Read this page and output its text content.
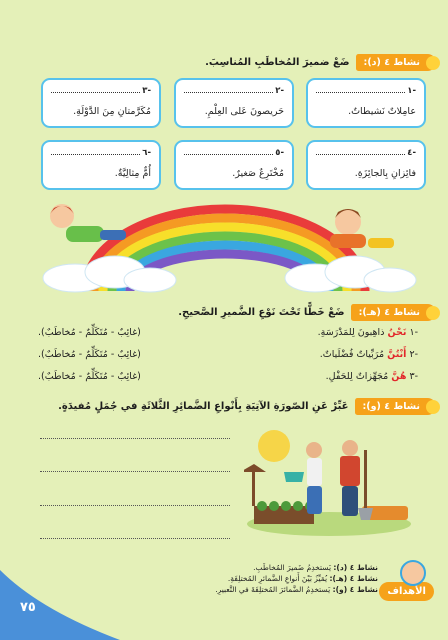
نشاط ٤ (د):
ضَعْ ضميرَ المُخاطَبِ المُناسِبَ.
-١
عامِلاتٌ نَشيطاتٌ.
-٢
حَريصونَ عَلى العِلْمِ.
-٣
مُكَرَّمتانِ مِنَ الدَّوْلَةِ.
-٤
فائِزانِ بِالجائِزَةِ.
-٥
مُخْتَرِعٌ صَغيرٌ.
-٦
أُمٌّ مِثالِيَّةٌ.
نشاط ٤ (هـ):
ضَعْ خَطًّا تَحْتَ نَوْعِ الضَّميرِ الصَّحيحِ.
-١ نَحْنُ ذاهِبونَ لِلمَدْرَسَةِ.
(غائِبٌ - مُتَكَلِّمٌ - مُخاطَبٌ).
-٢ أَنْتُنَّ مُرَبِّياتٌ فُضْلَياتٌ.
(غائِبٌ - مُتَكَلِّمٌ - مُخاطَبٌ).
-٣ هُنَّ مُجَهِّزاتٌ لِلحَفْلِ.
(غائِبٌ - مُتَكَلِّمٌ - مُخاطَبٌ).
نشاط ٤ (و):
عَبِّرْ عَنِ الصّورَةِ الآتِيَةِ بِأَنْواعِ الضَّمائِرِ الثَّلاثَةِ في جُمَلٍ مُفيدَةٍ.
الأهداف
نشاط ٤ (د): يَستخدِمُ ضَميرَ المُخاطَبِ.
نشاط ٤ (هـ): يُمَيِّزُ بَيْنَ أَنواعِ الضَّمائرِ المُختلِفَةِ.
نشاط ٤ (و): يَستخدِمُ الضَّمائرَ المُختلِفَةَ في التَّعبيرِ.
٧٥
